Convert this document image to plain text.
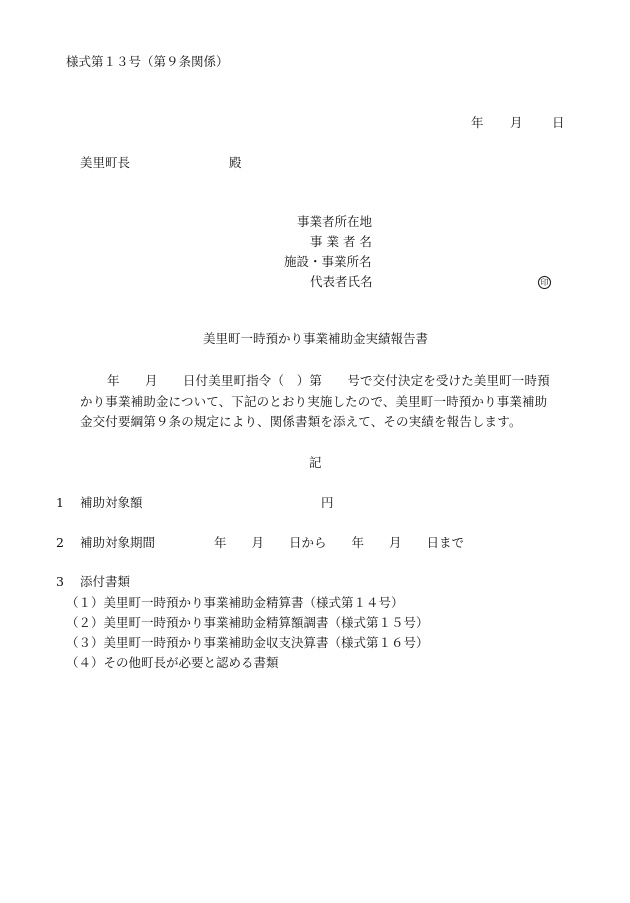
様式第１３号（第９条関係）
年 月 日
美里町長	殿
事業者所在地
事 業 者 名
施設・事業所名
代表者氏名	印
美里町一時預かり事業補助金実績報告書
年　　月　　日付美里町指令（　）第　　号で交付決定を受けた美里町一時預
かり事業補助金について、下記のとおり実施したので、美里町一時預かり事業補助
金交付要綱第９条の規定により、関係書類を添えて、その実績を報告します。
記
1 補助対象額	円
2 補助対象期間	年　　月　　日から　　年　　月　　日まで
3 添付書類
（１）美里町一時預かり事業補助金精算書（様式第１４号）
（２）美里町一時預かり事業補助金精算額調書（様式第１５号）
（３）美里町一時預かり事業補助金収支決算書（様式第１６号）
（４）その他町長が必要と認める書類
